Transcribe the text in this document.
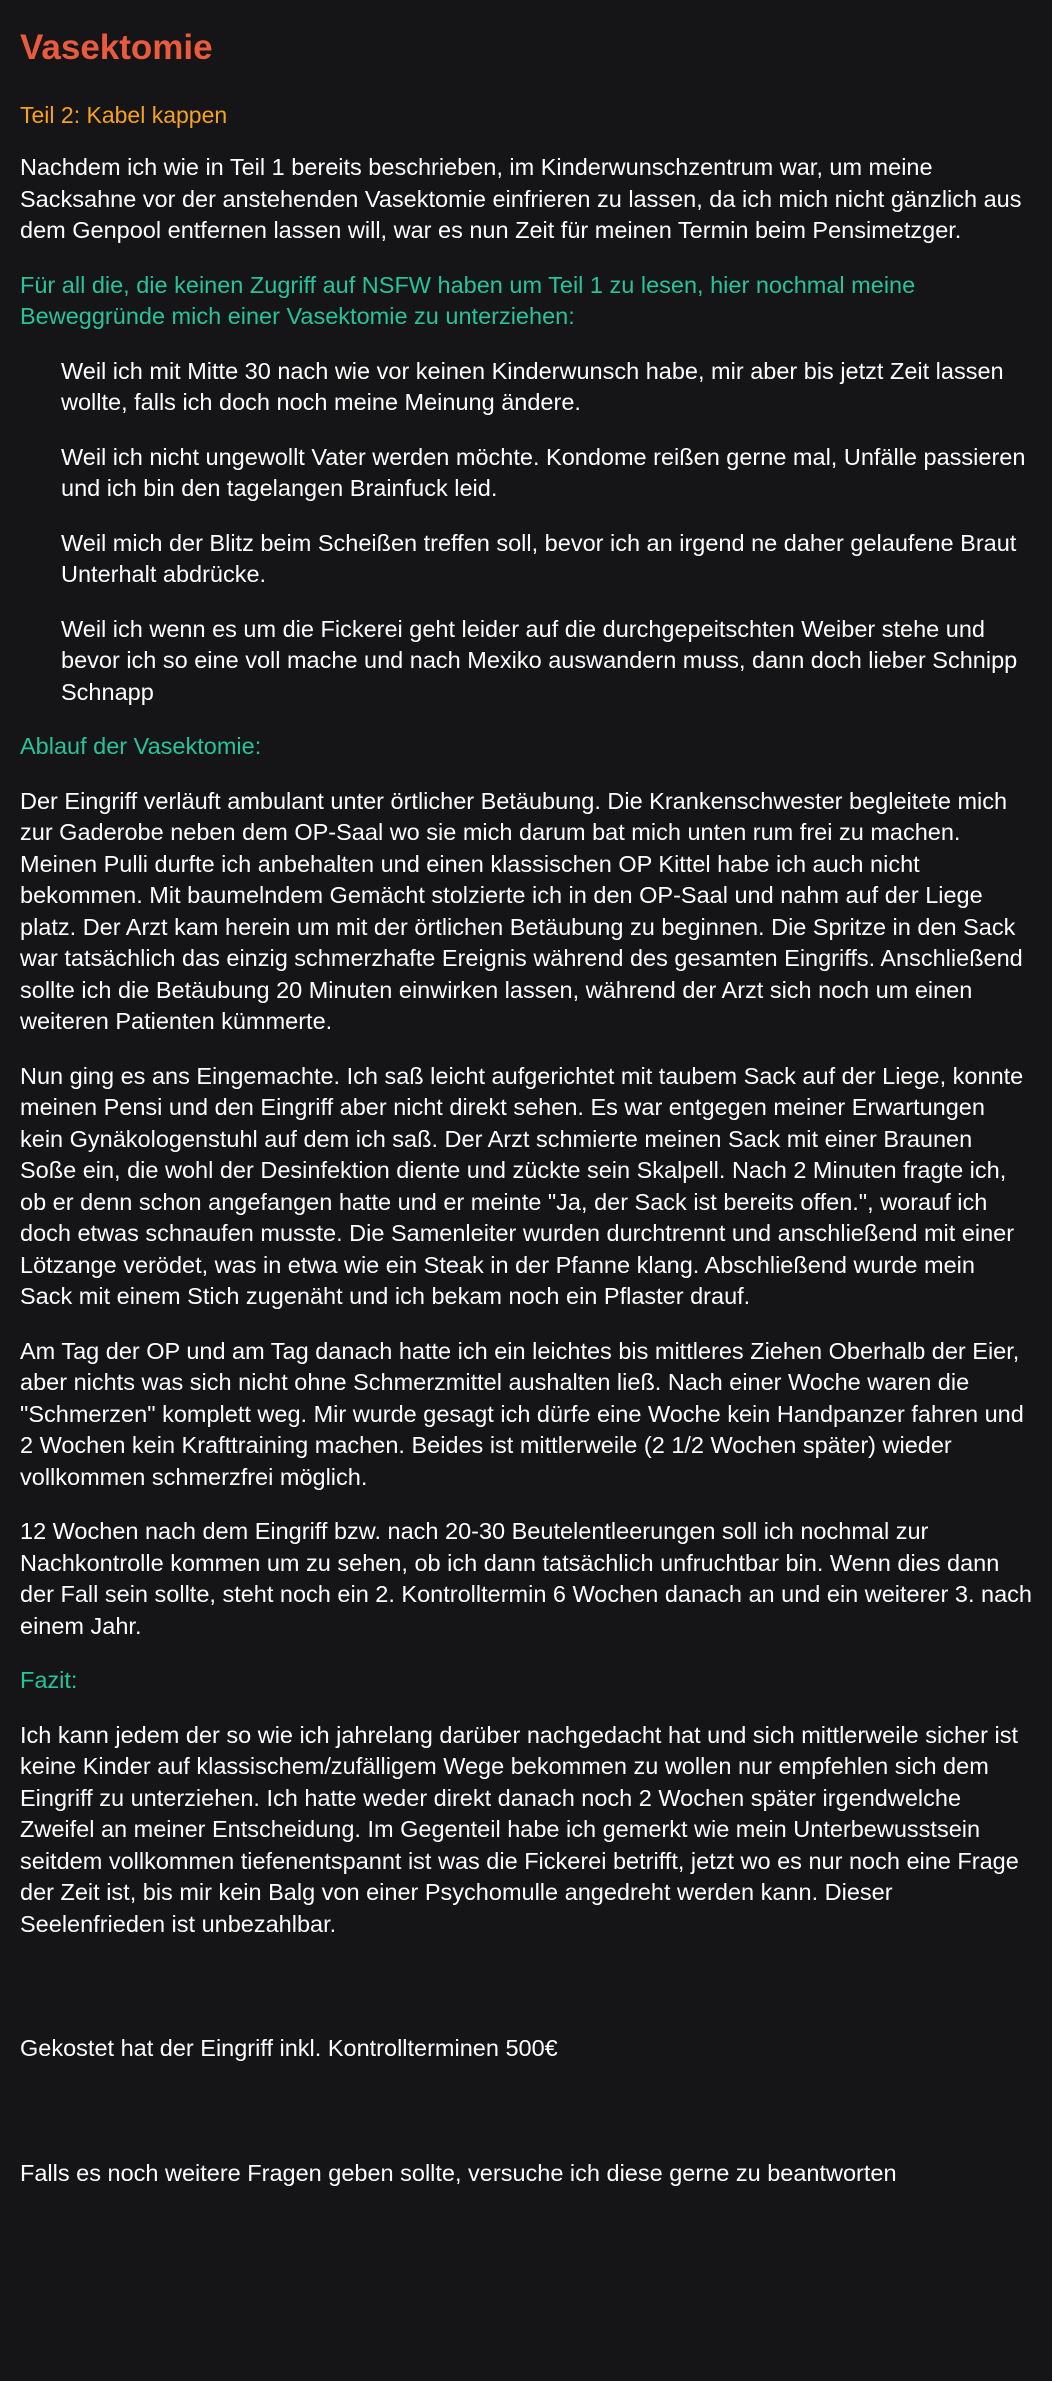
Vasektomie
Teil 2: Kabel kappen

Nachdem ich wie in Teil 1 bereits beschrieben, im Kinderwunschzentrum war, um meine Sacksahne vor der anstehenden Vasektomie einfrieren zu lassen, da ich mich nicht gänzlich aus dem Genpool entfernen lassen will, war es nun Zeit für meinen Termin beim Pensimetzger.

Für all die, die keinen Zugriff auf NSFW haben um Teil 1 zu lesen, hier nochmal meine Beweggründe mich einer Vasektomie zu unterziehen:

Weil ich mit Mitte 30 nach wie vor keinen Kinderwunsch habe, mir aber bis jetzt Zeit lassen wollte, falls ich doch noch meine Meinung ändere.

Weil ich nicht ungewollt Vater werden möchte. Kondome reißen gerne mal, Unfälle passieren und ich bin den tagelangen Brainfuck leid.

Weil mich der Blitz beim Scheißen treffen soll, bevor ich an irgend ne daher gelaufene Braut Unterhalt abdrücke.

Weil ich wenn es um die Fickerei geht leider auf die durchgepeitschten Weiber stehe und bevor ich so eine voll mache und nach Mexiko auswandern muss, dann doch lieber Schnipp Schnapp

Ablauf der Vasektomie:

Der Eingriff verläuft ambulant unter örtlicher Betäubung. Die Krankenschwester begleitete mich zur Gaderobe neben dem OP-Saal wo sie mich darum bat mich unten rum frei zu machen. Meinen Pulli durfte ich anbehalten und einen klassischen OP Kittel habe ich auch nicht bekommen. Mit baumelndem Gemächt stolzierte ich in den OP-Saal und nahm auf der Liege platz. Der Arzt kam herein um mit der örtlichen Betäubung zu beginnen. Die Spritze in den Sack war tatsächlich das einzig schmerzhafte Ereignis während des gesamten Eingriffs. Anschließend sollte ich die Betäubung 20 Minuten einwirken lassen, während der Arzt sich noch um einen weiteren Patienten kümmerte.

Nun ging es ans Eingemachte. Ich saß leicht aufgerichtet mit taubem Sack auf der Liege, konnte meinen Pensi und den Eingriff aber nicht direkt sehen. Es war entgegen meiner Erwartungen kein Gynäkologenstuhl auf dem ich saß. Der Arzt schmierte meinen Sack mit einer Braunen Soße ein, die wohl der Desinfektion diente und zückte sein Skalpell. Nach 2 Minuten fragte ich, ob er denn schon angefangen hatte und er meinte "Ja, der Sack ist bereits offen.", worauf ich doch etwas schnaufen musste. Die Samenleiter wurden durchtrennt und anschließend mit einer Lötzange verödet, was in etwa wie ein Steak in der Pfanne klang. Abschließend wurde mein Sack mit einem Stich zugenäht und ich bekam noch ein Pflaster drauf.

Am Tag der OP und am Tag danach hatte ich ein leichtes bis mittleres Ziehen Oberhalb der Eier, aber nichts was sich nicht ohne Schmerzmittel aushalten ließ. Nach einer Woche waren die "Schmerzen" komplett weg. Mir wurde gesagt ich dürfe eine Woche kein Handpanzer fahren und 2 Wochen kein Krafttraining machen. Beides ist mittlerweile (2 1/2 Wochen später) wieder vollkommen schmerzfrei möglich.

12 Wochen nach dem Eingriff bzw. nach 20-30 Beutelentleerungen soll ich nochmal zur Nachkontrolle kommen um zu sehen, ob ich dann tatsächlich unfruchtbar bin. Wenn dies dann der Fall sein sollte, steht noch ein 2. Kontrolltermin 6 Wochen danach an und ein weiterer 3. nach einem Jahr.

Fazit:

Ich kann jedem der so wie ich jahrelang darüber nachgedacht hat und sich mittlerweile sicher ist keine Kinder auf klassischem/zufälligem Wege bekommen zu wollen nur empfehlen sich dem Eingriff zu unterziehen. Ich hatte weder direkt danach noch 2 Wochen später irgendwelche Zweifel an meiner Entscheidung. Im Gegenteil habe ich gemerkt wie mein Unterbewusstsein seitdem vollkommen tiefenentspannt ist was die Fickerei betrifft, jetzt wo es nur noch eine Frage der Zeit ist, bis mir kein Balg von einer Psychomulle angedreht werden kann. Dieser Seelenfrieden ist unbezahlbar.

Gekostet hat der Eingriff inkl. Kontrollterminen 500€

Falls es noch weitere Fragen geben sollte, versuche ich diese gerne zu beantworten
